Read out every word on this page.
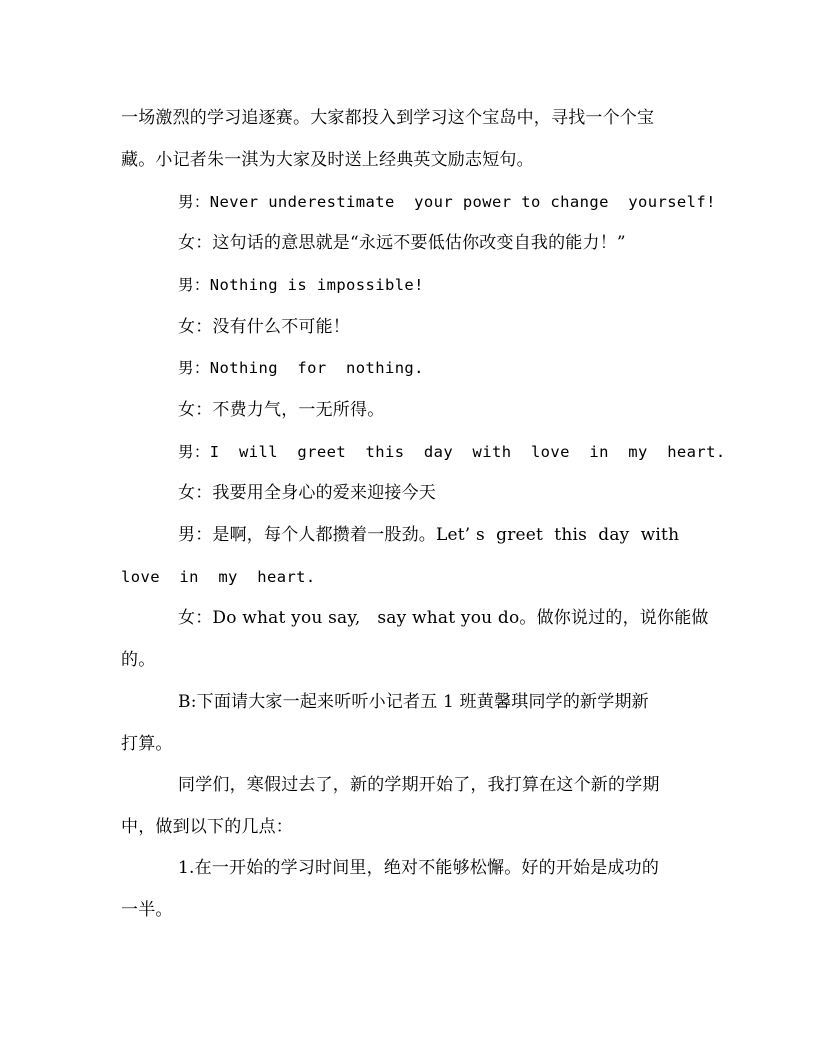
一场激烈的学习追逐赛。大家都投入到学习这个宝岛中，寻找一个个宝
藏。小记者朱一淇为大家及时送上经典英文励志短句。
男：Never underestimate  your power to change  yourself!
女：这句话的意思就是“永远不要低估你改变自我的能力！”
男：Nothing is impossible!
女：没有什么不可能！
男：Nothing  for  nothing.
女：不费力气，一无所得。
男：I  will  greet  this  day  with  love  in  my  heart.
女：我要用全身心的爱来迎接今天
男：是啊，每个人都攒着一股劲。Let’ s  greet  this  day  with
love  in  my  heart.
女：Do what you say,   say what you do。做你说过的，说你能做
的。
B:下面请大家一起来听听小记者五 1 班黄馨琪同学的新学期新
打算。
同学们，寒假过去了，新的学期开始了，我打算在这个新的学期
中，做到以下的几点：
1.在一开始的学习时间里，绝对不能够松懈。好的开始是成功的
一半。
